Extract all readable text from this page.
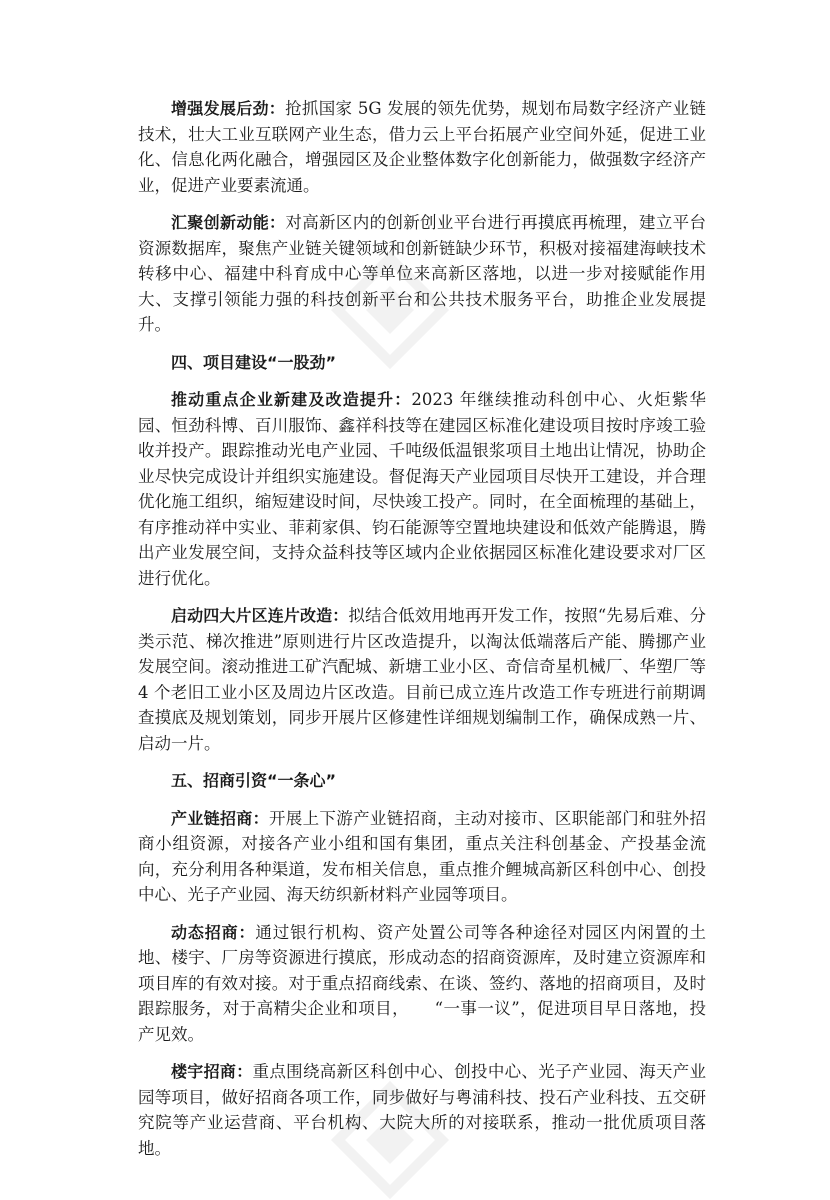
增强发展后劲：抢抓国家 5G 发展的领先优势，规划布局数字经济产业链技术，壮大工业互联网产业生态，借力云上平台拓展产业空间外延，促进工业化、信息化两化融合，增强园区及企业整体数字化创新能力，做强数字经济产业，促进产业要素流通。

汇聚创新动能：对高新区内的创新创业平台进行再摸底再梳理，建立平台资源数据库，聚焦产业链关键领域和创新链缺少环节，积极对接福建海峡技术转移中心、福建中科育成中心等单位来高新区落地，以进一步对接赋能作用大、支撑引领能力强的科技创新平台和公共技术服务平台，助推企业发展提升。

四、项目建设“一股劲”

推动重点企业新建及改造提升：2023 年继续推动科创中心、火炬紫华园、恒劲科博、百川服饰、鑫祥科技等在建园区标准化建设项目按时序竣工验收并投产。跟踪推动光电产业园、千吨级低温银浆项目土地出让情况，协助企业尽快完成设计并组织实施建设。督促海天产业园项目尽快开工建设，并合理优化施工组织，缩短建设时间，尽快竣工投产。同时，在全面梳理的基础上，有序推动祥中实业、菲莉家俱、钧石能源等空置地块建设和低效产能腾退，腾出产业发展空间，支持众益科技等区域内企业依据园区标准化建设要求对厂区进行优化。

启动四大片区连片改造：拟结合低效用地再开发工作，按照“先易后难、分类示范、梯次推进”原则进行片区改造提升，以淘汰低端落后产能、腾挪产业发展空间。滚动推进工矿汽配城、新塘工业小区、奇信奇星机械厂、华塑厂等 4 个老旧工业小区及周边片区改造。目前已成立连片改造工作专班进行前期调查摸底及规划策划，同步开展片区修建性详细规划编制工作，确保成熟一片、启动一片。

五、招商引资“一条心”

产业链招商：开展上下游产业链招商，主动对接市、区职能部门和驻外招商小组资源，对接各产业小组和国有集团，重点关注科创基金、产投基金流向，充分利用各种渠道，发布相关信息，重点推介鲤城高新区科创中心、创投中心、光子产业园、海天纺织新材料产业园等项目。

动态招商：通过银行机构、资产处置公司等各种途径对园区内闲置的土地、楼宇、厂房等资源进行摸底，形成动态的招商资源库，及时建立资源库和项目库的有效对接。对于重点招商线索、在谈、签约、落地的招商项目，及时跟踪服务，对于高精尖企业和项目，　　“一事一议”，促进项目早日落地，投产见效。

楼宇招商：重点围绕高新区科创中心、创投中心、光子产业园、海天产业园等项目，做好招商各项工作，同步做好与粤浦科技、投石产业科技、五交研究院等产业运营商、平台机构、大院大所的对接联系，推动一批优质项目落地。
